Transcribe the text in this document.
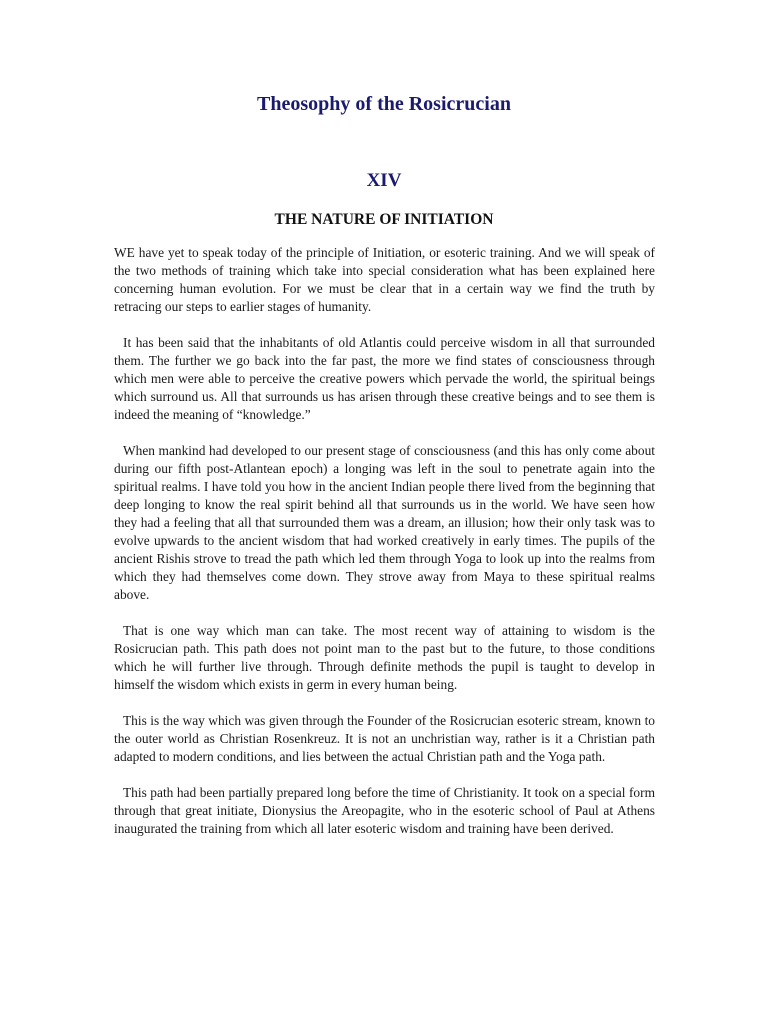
Theosophy of the Rosicrucian
XIV
THE NATURE OF INITIATION

WE have yet to speak today of the principle of Initiation, or esoteric training. And we will speak of the two methods of training which take into special consideration what has been explained here concerning human evolution. For we must be clear that in a certain way we find the truth by retracing our steps to earlier stages of humanity.

It has been said that the inhabitants of old Atlantis could perceive wisdom in all that surrounded them. The further we go back into the far past, the more we find states of consciousness through which men were able to perceive the creative powers which pervade the world, the spiritual beings which surround us. All that surrounds us has arisen through these creative beings and to see them is indeed the meaning of “knowledge.”

When mankind had developed to our present stage of consciousness (and this has only come about during our fifth post-Atlantean epoch) a longing was left in the soul to penetrate again into the spiritual realms. I have told you how in the ancient Indian people there lived from the beginning that deep longing to know the real spirit behind all that surrounds us in the world. We have seen how they had a feeling that all that surrounded them was a dream, an illusion; how their only task was to evolve upwards to the ancient wisdom that had worked creatively in early times. The pupils of the ancient Rishis strove to tread the path which led them through Yoga to look up into the realms from which they had themselves come down. They strove away from Maya to these spiritual realms above.

That is one way which man can take. The most recent way of attaining to wisdom is the Rosicrucian path. This path does not point man to the past but to the future, to those conditions which he will further live through. Through definite methods the pupil is taught to develop in himself the wisdom which exists in germ in every human being.

This is the way which was given through the Founder of the Rosicrucian esoteric stream, known to the outer world as Christian Rosenkreuz. It is not an unchristian way, rather is it a Christian path adapted to modern conditions, and lies between the actual Christian path and the Yoga path.

This path had been partially prepared long before the time of Christianity. It took on a special form through that great initiate, Dionysius the Areopagite, who in the esoteric school of Paul at Athens inaugurated the training from which all later esoteric wisdom and training have been derived.
